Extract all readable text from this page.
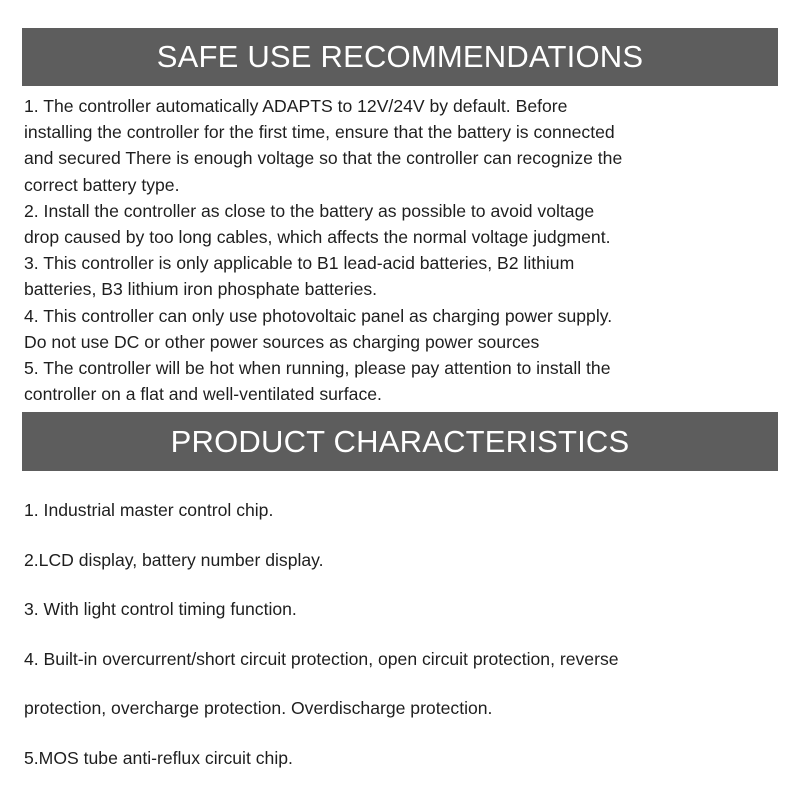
SAFE USE RECOMMENDATIONS
1. The controller automatically ADAPTS to 12V/24V by default. Before
installing the controller for the first time, ensure that the battery is connected
and secured There is enough voltage so that the controller can recognize the
correct battery type.
2. Install the controller as close to the battery as possible to avoid voltage
drop caused by too long cables, which affects the normal voltage judgment.
3. This controller is only applicable to B1 lead-acid batteries, B2 lithium
batteries, B3 lithium iron phosphate batteries.
4. This controller can only use photovoltaic panel as charging power supply.
Do not use DC or other power sources as charging power sources
5. The controller will be hot when running, please pay attention to install the
controller on a flat and well-ventilated surface.
PRODUCT CHARACTERISTICS
1. Industrial master control chip.
2.LCD display, battery number display.
3. With light control timing function.
4. Built-in overcurrent/short circuit protection, open circuit protection, reverse
protection, overcharge protection. Overdischarge protection.
5.MOS tube anti-reflux circuit chip.
